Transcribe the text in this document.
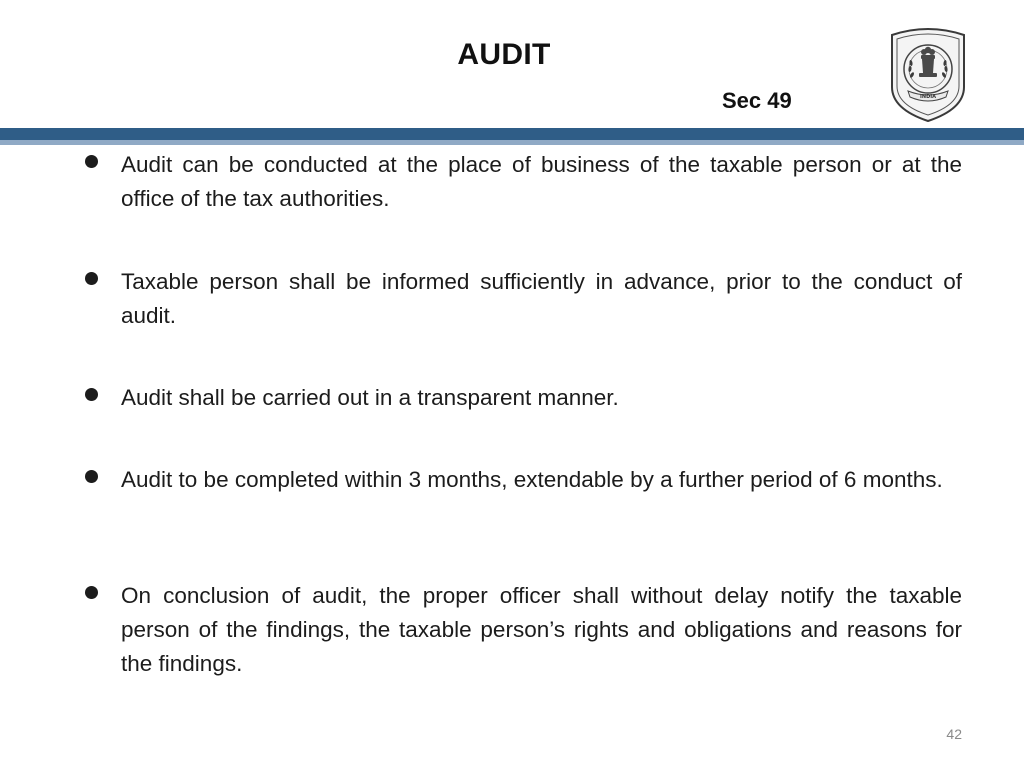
AUDIT
Sec 49	INDIA

Audit can be conducted at the place of business of the taxable person or at the office of the tax authorities.

Taxable person shall be informed sufficiently in advance, prior to the conduct of audit.

Audit shall be carried out in a transparent manner.

Audit to be completed within 3 months, extendable by a further period of 6 months.

On conclusion of audit, the proper officer shall without delay notify the taxable person of the findings, the taxable person’s rights and obligations and reasons for the findings.

42
